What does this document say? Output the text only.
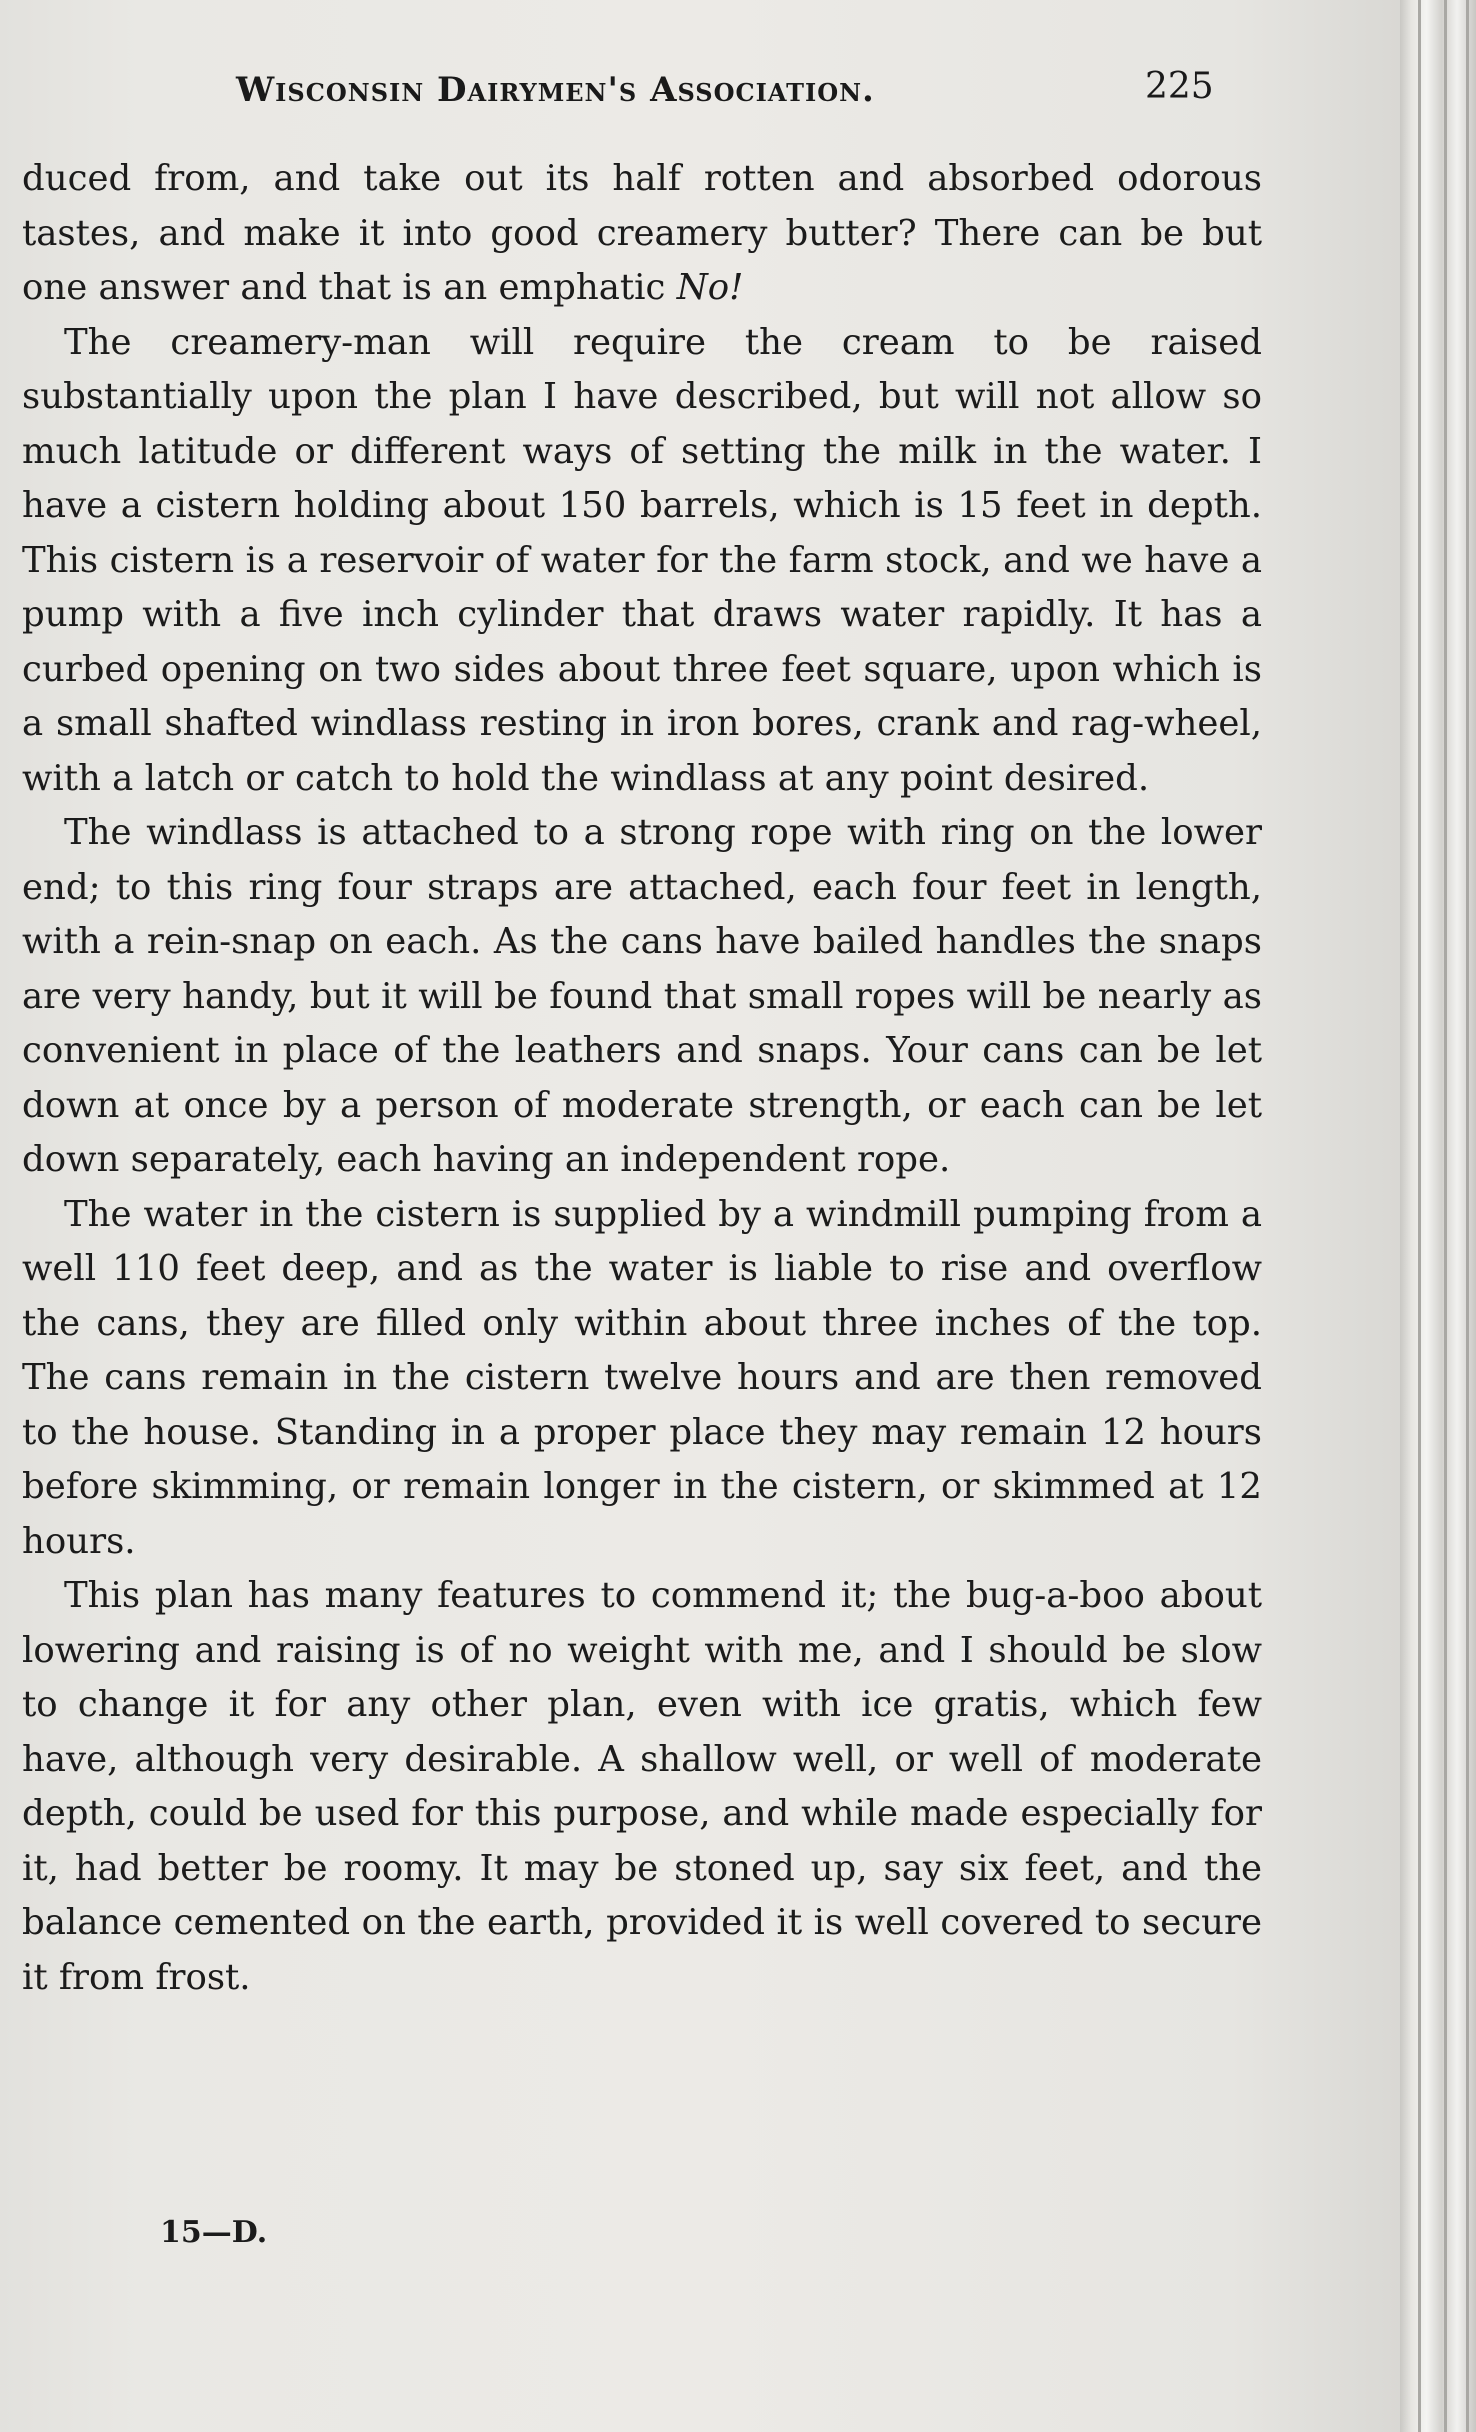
Wisconsin Dairymen's Association.	225

duced from, and take out its half rotten and absorbed odorous tastes, and make it into good creamery butter? There can be but one answer and that is an emphatic No!

The creamery-man will require the cream to be raised substantially upon the plan I have described, but will not allow so much latitude or different ways of setting the milk in the water. I have a cistern holding about 150 barrels, which is 15 feet in depth. This cistern is a reservoir of water for the farm stock, and we have a pump with a five inch cylinder that draws water rapidly. It has a curbed opening on two sides about three feet square, upon which is a small shafted windlass resting in iron bores, crank and rag-wheel, with a latch or catch to hold the windlass at any point desired.

The windlass is attached to a strong rope with ring on the lower end; to this ring four straps are attached, each four feet in length, with a rein-snap on each. As the cans have bailed handles the snaps are very handy, but it will be found that small ropes will be nearly as convenient in place of the leathers and snaps. Your cans can be let down at once by a person of moderate strength, or each can be let down separately, each having an independent rope.

The water in the cistern is supplied by a windmill pumping from a well 110 feet deep, and as the water is liable to rise and overflow the cans, they are filled only within about three inches of the top. The cans remain in the cistern twelve hours and are then removed to the house. Standing in a proper place they may remain 12 hours before skimming, or remain longer in the cistern, or skimmed at 12 hours.

This plan has many features to commend it; the bug-a-boo about lowering and raising is of no weight with me, and I should be slow to change it for any other plan, even with ice gratis, which few have, although very desirable. A shallow well, or well of moderate depth, could be used for this purpose, and while made especially for it, had better be roomy. It may be stoned up, say six feet, and the balance cemented on the earth, provided it is well covered to secure it from frost.

15—D.
